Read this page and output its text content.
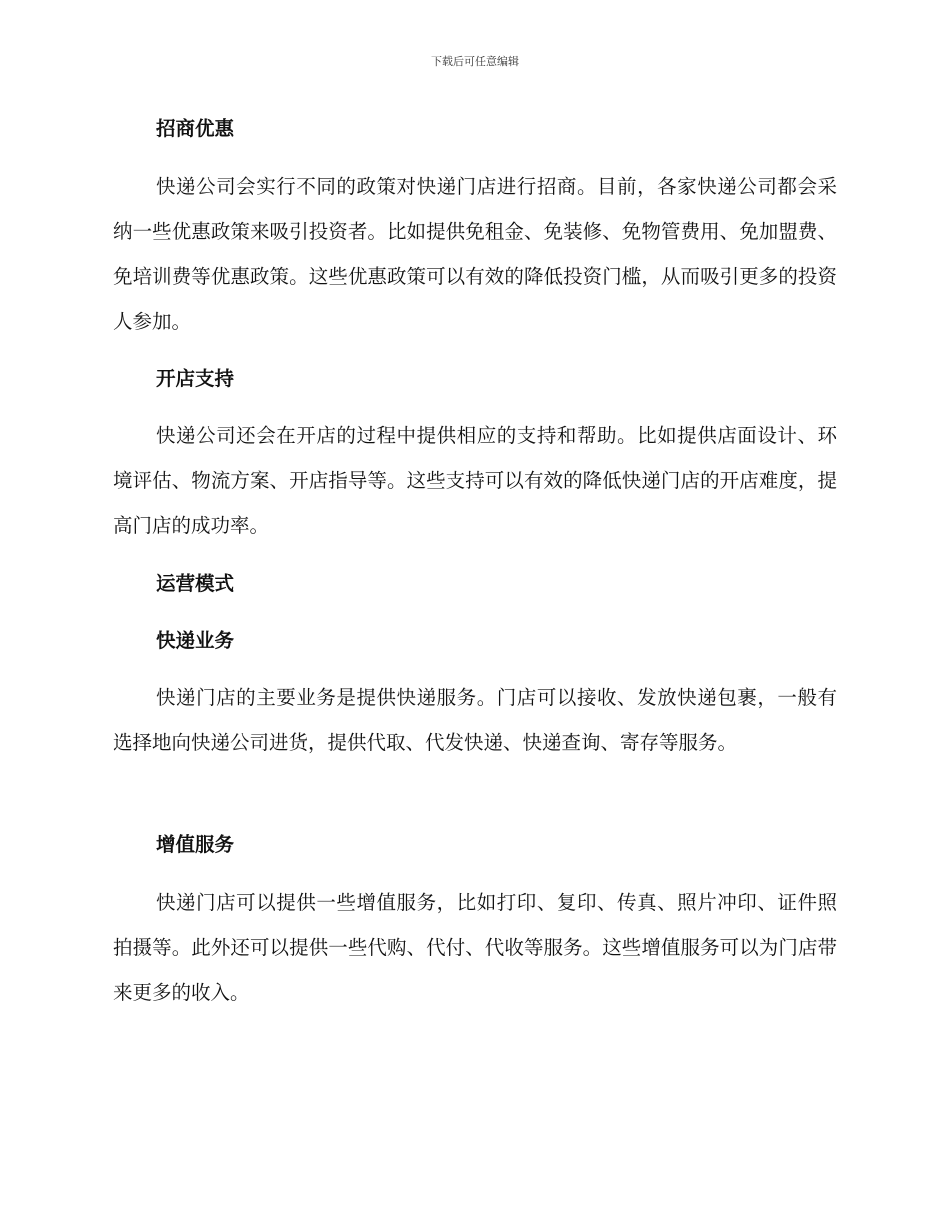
下载后可任意编辑
招商优惠
快递公司会实行不同的政策对快递门店进行招商。目前，各家快递公司都会采纳一些优惠政策来吸引投资者。比如提供免租金、免装修、免物管费用、免加盟费、免培训费等优惠政策。这些优惠政策可以有效的降低投资门槛，从而吸引更多的投资人参加。
开店支持
快递公司还会在开店的过程中提供相应的支持和帮助。比如提供店面设计、环境评估、物流方案、开店指导等。这些支持可以有效的降低快递门店的开店难度，提高门店的成功率。
运营模式
快递业务
快递门店的主要业务是提供快递服务。门店可以接收、发放快递包裹，一般有选择地向快递公司进货，提供代取、代发快递、快递查询、寄存等服务。
增值服务
快递门店可以提供一些增值服务，比如打印、复印、传真、照片冲印、证件照拍摄等。此外还可以提供一些代购、代付、代收等服务。这些增值服务可以为门店带来更多的收入。
